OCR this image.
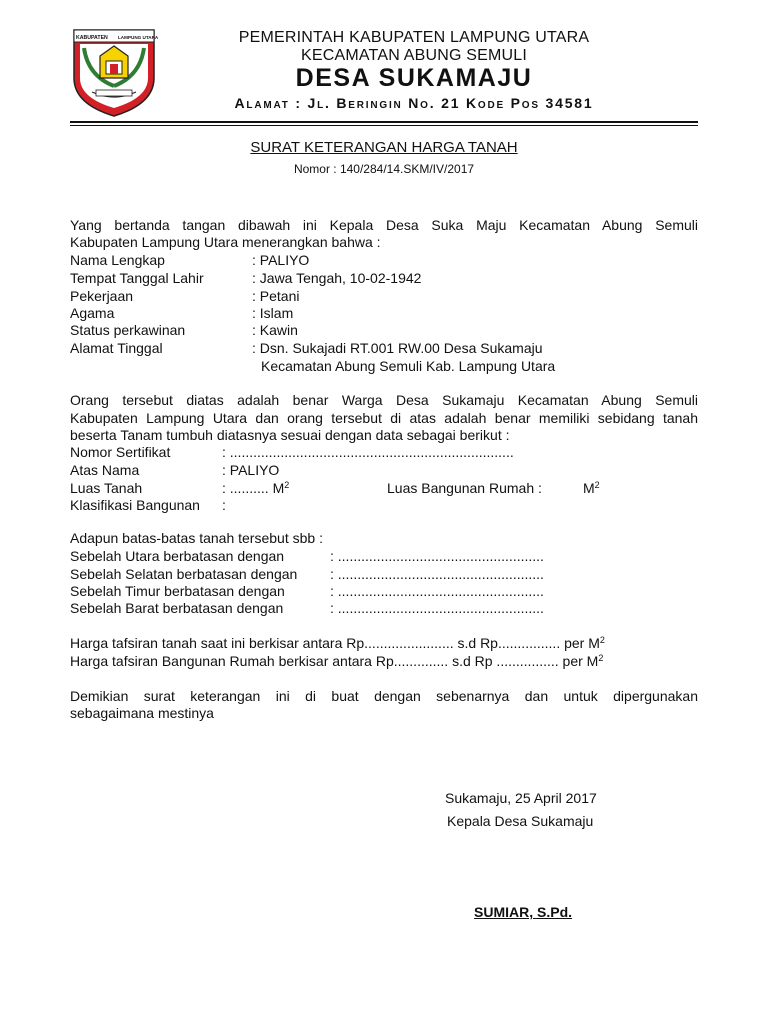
KABUPATEN LAMPUNG UTARA	PEMERINTAH KABUPATEN LAMPUNG UTARA
KECAMATAN ABUNG SEMULI
DESA SUKAMAJU
Alamat : Jl. Beringin No. 21 Kode Pos 34581
SURAT KETERANGAN HARGA TANAH
Nomor : 140/284/14.SKM/IV/2017
Yang bertanda tangan dibawah ini Kepala Desa Suka Maju Kecamatan Abung Semuli
Kabupaten Lampung Utara menerangkan bahwa :
Nama Lengkap	: PALIYO
Tempat Tanggal Lahir	: Jawa Tengah, 10-02-1942
Pekerjaan	: Petani
Agama	: Islam
Status perkawinan	: Kawin
Alamat Tinggal	: Dsn. Sukajadi RT.001 RW.00 Desa Sukamaju
Kecamatan Abung Semuli Kab. Lampung Utara
Orang tersebut diatas adalah benar Warga Desa Sukamaju Kecamatan Abung Semuli
Kabupaten Lampung Utara dan orang tersebut di atas adalah benar memiliki sebidang tanah
beserta Tanam tumbuh diatasnya sesuai dengan data sebagai berikut :
Nomor Sertifikat	: .........................................................................
Atas Nama	: PALIYO
Luas Tanah	: .......... $M^2$	Luas Bangunan Rumah :	$M^2$
Klasifikasi Bangunan :
Adapun batas-batas tanah tersebut sbb :
Sebelah Utara berbatasan dengan	: .....................................................
Sebelah Selatan berbatasan dengan : .....................................................
Sebelah Timur berbatasan dengan	: .....................................................
Sebelah Barat berbatasan dengan	: .....................................................
Harga tafsiran tanah saat ini berkisar antara Rp....................... s.d Rp................ per $M^2$
Harga tafsiran Bangunan Rumah berkisar antara Rp.............. s.d Rp ................ per $M^2$
Demikian surat keterangan ini di buat dengan sebenarnya dan untuk dipergunakan
sebagaimana mestinya
Sukamaju, 25 April 2017
Kepala Desa Sukamaju
SUMIAR, S.Pd.
